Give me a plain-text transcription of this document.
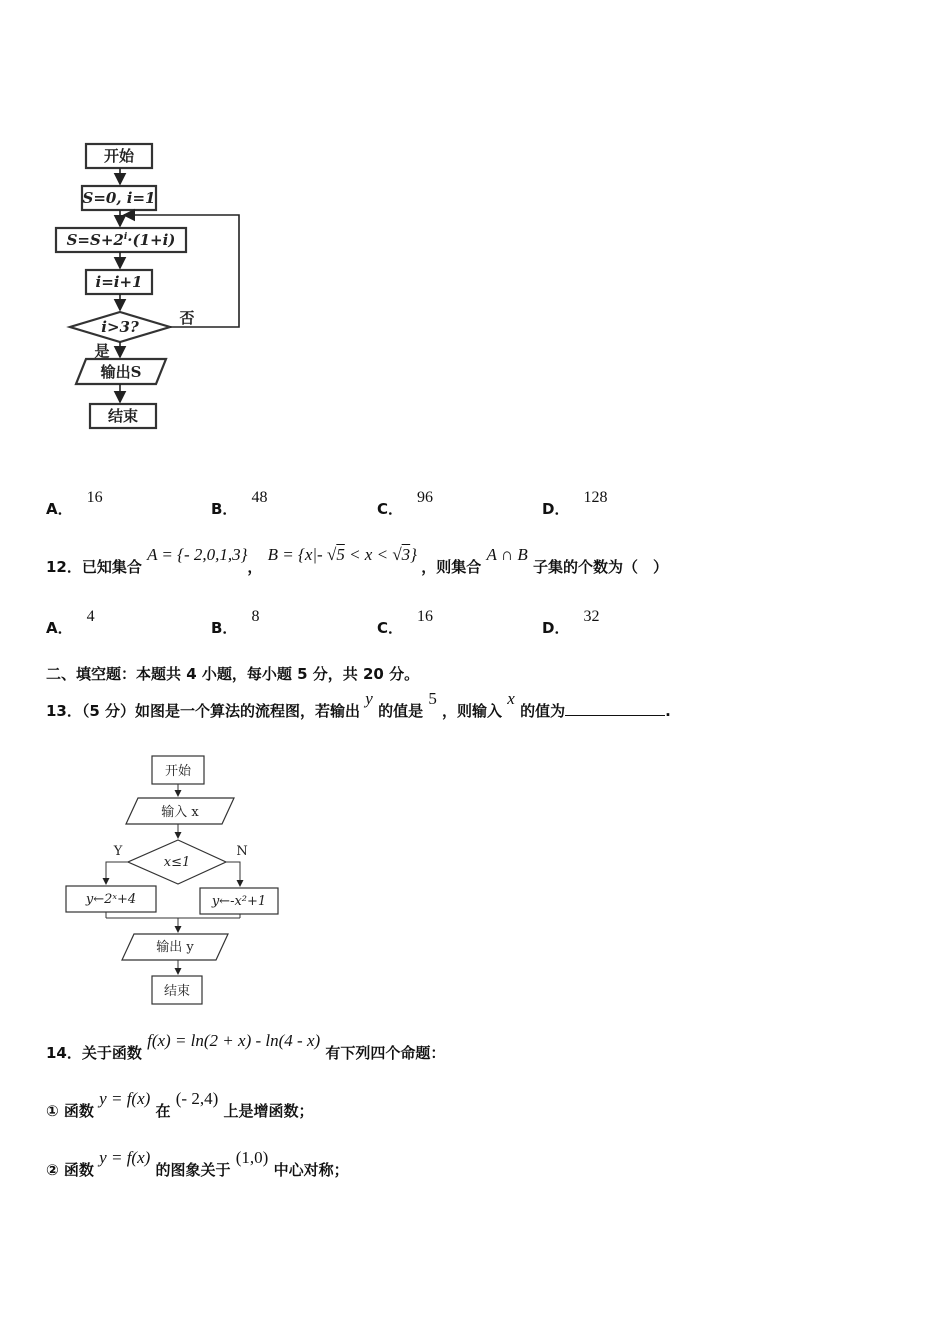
开始
S=0, i=1
$S=S+2^i\cdot(1+i)$
i=i+1
i>3?
输出S
结束
否
是
A．16
B．48
C．96
D．128
12．已知集合 A = {- 2,0,1,3}， B = {x|- √5 < x < √3} ，则集合 A ∩ B 子集的个数为（　）
A．4
B．8
C．16
D．32
二、填空题：本题共 4 小题，每小题 5 分，共 20 分。
13．（5 分）如图是一个算法的流程图，若输出 y 的值是 5 ，则输入 x 的值为	.
开始
输入 x
x≤1
Y	N
y←2ˣ+4	y←-x²+1
输出 y
结束
14．关于函数 f(x) = ln(2 + x) - ln(4 - x) 有下列四个命题：
① 函数 y = f(x) 在 (- 2,4) 上是增函数；
② 函数 y = f(x) 的图象关于 (1,0) 中心对称；
